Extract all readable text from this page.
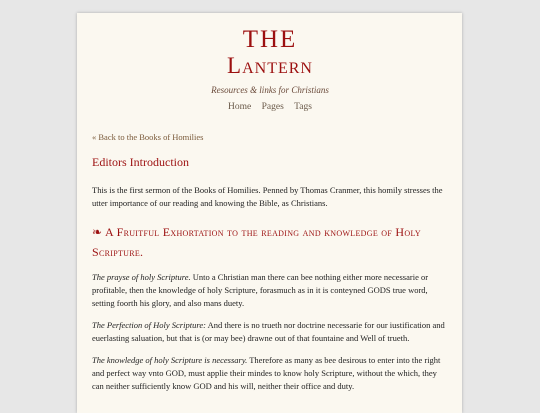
THE
Lantern
Resources & links for Christians
Home Pages Tags
« Back to the Books of Homilies
Editors Introduction

This is the first sermon of the Books of Homilies. Penned by Thomas Cranmer, this homily stresses the utter importance of our reading and knowing the Bible, as Christians.

❧ A Fruitful Exhortation to the reading and knowledge of Holy Scripture.

The prayse of holy Scripture. Unto a Christian man there can bee nothing either more necessarie or profitable, then the knowledge of holy Scripture, forasmuch as in it is conteyned GODS true word, setting foorth his glory, and also mans duety.

The Perfection of Holy Scripture: And there is no trueth nor doctrine necessarie for our iustification and euerlasting saluation, but that is (or may bee) drawne out of that fountaine and Well of trueth.

The knowledge of holy Scripture is necessary. Therefore as many as bee desirous to enter into the right and perfect way vnto GOD, must applie their mindes to know holy Scripture, without the which, they can neither sufficiently know GOD and his will, neither their office and duty.
